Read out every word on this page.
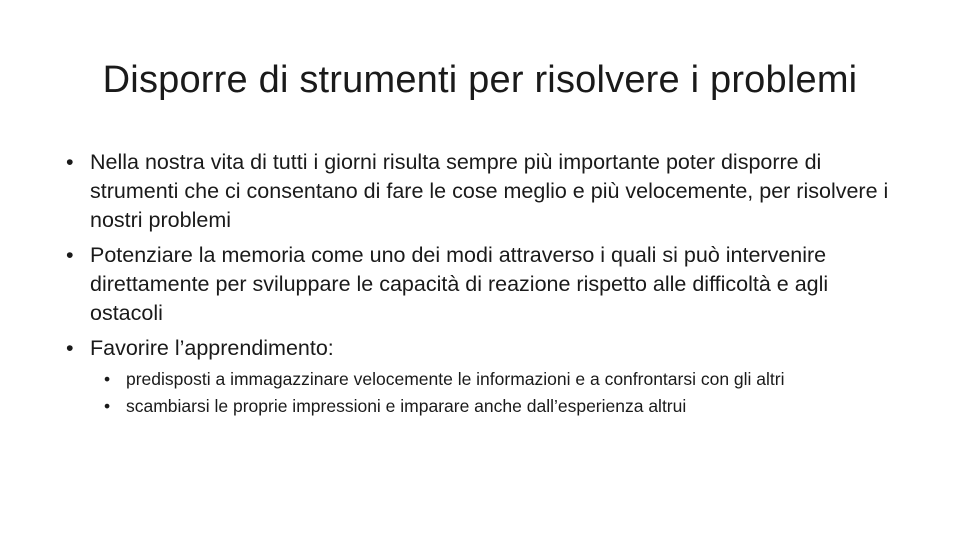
Disporre di strumenti per risolvere i problemi
• Nella nostra vita di tutti i giorni risulta sempre più importante poter disporre di strumenti che ci consentano di fare le cose meglio e più velocemente, per risolvere i nostri problemi
• Potenziare la memoria come uno dei modi attraverso i quali si può intervenire direttamente per sviluppare le capacità di reazione rispetto alle difficoltà e agli ostacoli
• Favorire l’apprendimento:
• predisposti a immagazzinare velocemente le informazioni e a confrontarsi con gli altri
• scambiarsi le proprie impressioni e imparare anche dall’esperienza altrui
